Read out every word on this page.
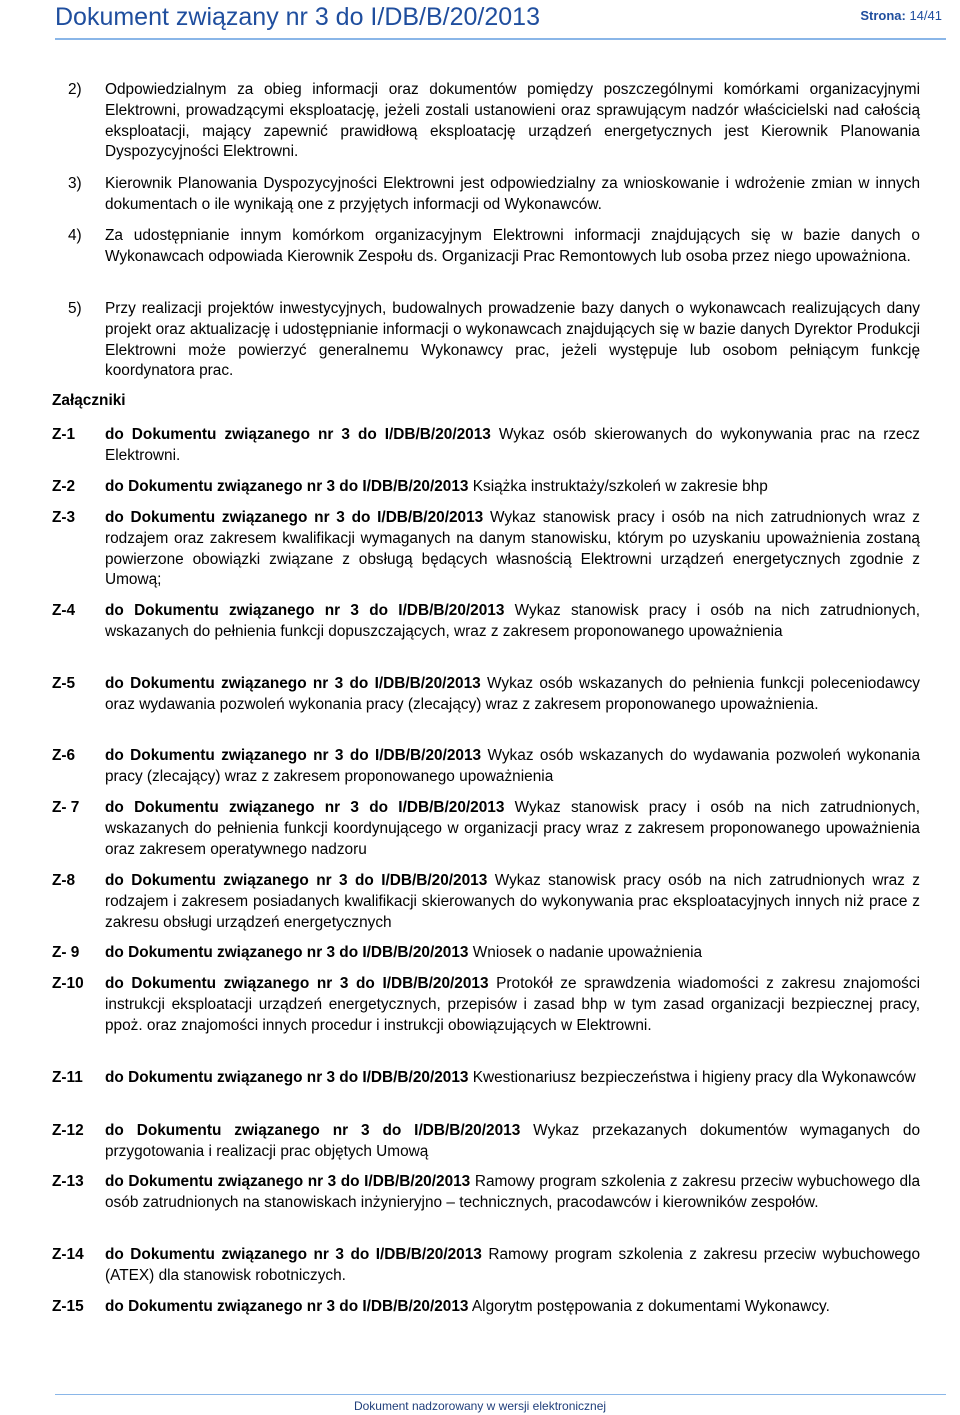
Dokument związany nr 3 do I/DB/B/20/2013	Strona: 14/41
2) Odpowiedzialnym za obieg informacji oraz dokumentów pomiędzy poszczególnymi komórkami organizacyjnymi Elektrowni, prowadzącymi eksploatację, jeżeli zostali ustanowieni oraz sprawującym nadzór właścicielski nad całością eksploatacji, mający zapewnić prawidłową eksploatację urządzeń energetycznych jest Kierownik Planowania Dyspozycyjności Elektrowni.
3) Kierownik Planowania Dyspozycyjności Elektrowni jest odpowiedzialny za wnioskowanie i wdrożenie zmian w innych dokumentach o ile wynikają one z przyjętych informacji od Wykonawców.
4) Za udostępnianie innym komórkom organizacyjnym Elektrowni informacji znajdujących się w bazie danych o Wykonawcach odpowiada Kierownik Zespołu ds. Organizacji Prac Remontowych lub osoba przez niego upoważniona.
5) Przy realizacji projektów inwestycyjnych, budowalnych prowadzenie bazy danych o wykonawcach realizujących dany projekt oraz aktualizację i udostępnianie informacji o wykonawcach znajdujących się w bazie danych Dyrektor Produkcji Elektrowni może powierzyć generalnemu Wykonawcy prac, jeżeli występuje lub osobom pełniącym funkcję koordynatora prac.
Załączniki
Z-1 do Dokumentu związanego nr 3 do I/DB/B/20/2013 Wykaz osób skierowanych do wykonywania prac na rzecz Elektrowni.
Z-2 do Dokumentu związanego nr 3 do I/DB/B/20/2013 Książka instruktaży/szkoleń w zakresie bhp
Z-3 do Dokumentu związanego nr 3 do I/DB/B/20/2013 Wykaz stanowisk pracy i osób na nich zatrudnionych wraz z rodzajem oraz zakresem kwalifikacji wymaganych na danym stanowisku, którym po uzyskaniu upoważnienia zostaną powierzone obowiązki związane z obsługą będących własnością Elektrowni urządzeń energetycznych zgodnie z Umową;
Z-4 do Dokumentu związanego nr 3 do I/DB/B/20/2013 Wykaz stanowisk pracy i osób na nich zatrudnionych, wskazanych do pełnienia funkcji dopuszczających, wraz z zakresem proponowanego upoważnienia
Z-5 do Dokumentu związanego nr 3 do I/DB/B/20/2013 Wykaz osób wskazanych do pełnienia funkcji poleceniodawcy oraz wydawania pozwoleń wykonania pracy (zlecający) wraz z zakresem proponowanego upoważnienia.
Z-6 do Dokumentu związanego nr 3 do I/DB/B/20/2013 Wykaz osób wskazanych do wydawania pozwoleń wykonania pracy (zlecający) wraz z zakresem proponowanego upoważnienia
Z- 7 do Dokumentu związanego nr 3 do I/DB/B/20/2013 Wykaz stanowisk pracy i osób na nich zatrudnionych, wskazanych do pełnienia funkcji koordynującego w organizacji pracy wraz z zakresem proponowanego upoważnienia oraz zakresem operatywnego nadzoru
Z-8 do Dokumentu związanego nr 3 do I/DB/B/20/2013 Wykaz stanowisk pracy osób na nich zatrudnionych wraz z rodzajem i zakresem posiadanych kwalifikacji skierowanych do wykonywania prac eksploatacyjnych innych niż prace z zakresu obsługi urządzeń energetycznych
Z- 9 do Dokumentu związanego nr 3 do I/DB/B/20/2013 Wniosek o nadanie upoważnienia
Z-10 do Dokumentu związanego nr 3 do I/DB/B/20/2013 Protokół ze sprawdzenia wiadomości z zakresu znajomości instrukcji eksploatacji urządzeń energetycznych, przepisów i zasad bhp w tym zasad organizacji bezpiecznej pracy, ppoż. oraz znajomości innych procedur i instrukcji obowiązujących w Elektrowni.
Z-11 do Dokumentu związanego nr 3 do I/DB/B/20/2013 Kwestionariusz bezpieczeństwa i higieny pracy dla Wykonawców
Z-12 do Dokumentu związanego nr 3 do I/DB/B/20/2013 Wykaz przekazanych dokumentów wymaganych do przygotowania i realizacji prac objętych Umową
Z-13 do Dokumentu związanego nr 3 do I/DB/B/20/2013 Ramowy program szkolenia z zakresu przeciw wybuchowego dla osób zatrudnionych na stanowiskach inżynieryjno – technicznych, pracodawców i kierowników zespołów.
Z-14 do Dokumentu związanego nr 3 do I/DB/B/20/2013 Ramowy program szkolenia z zakresu przeciw wybuchowego (ATEX) dla stanowisk robotniczych.
Z-15 do Dokumentu związanego nr 3 do I/DB/B/20/2013 Algorytm postępowania z dokumentami Wykonawcy.
Dokument nadzorowany w wersji elektronicznej
